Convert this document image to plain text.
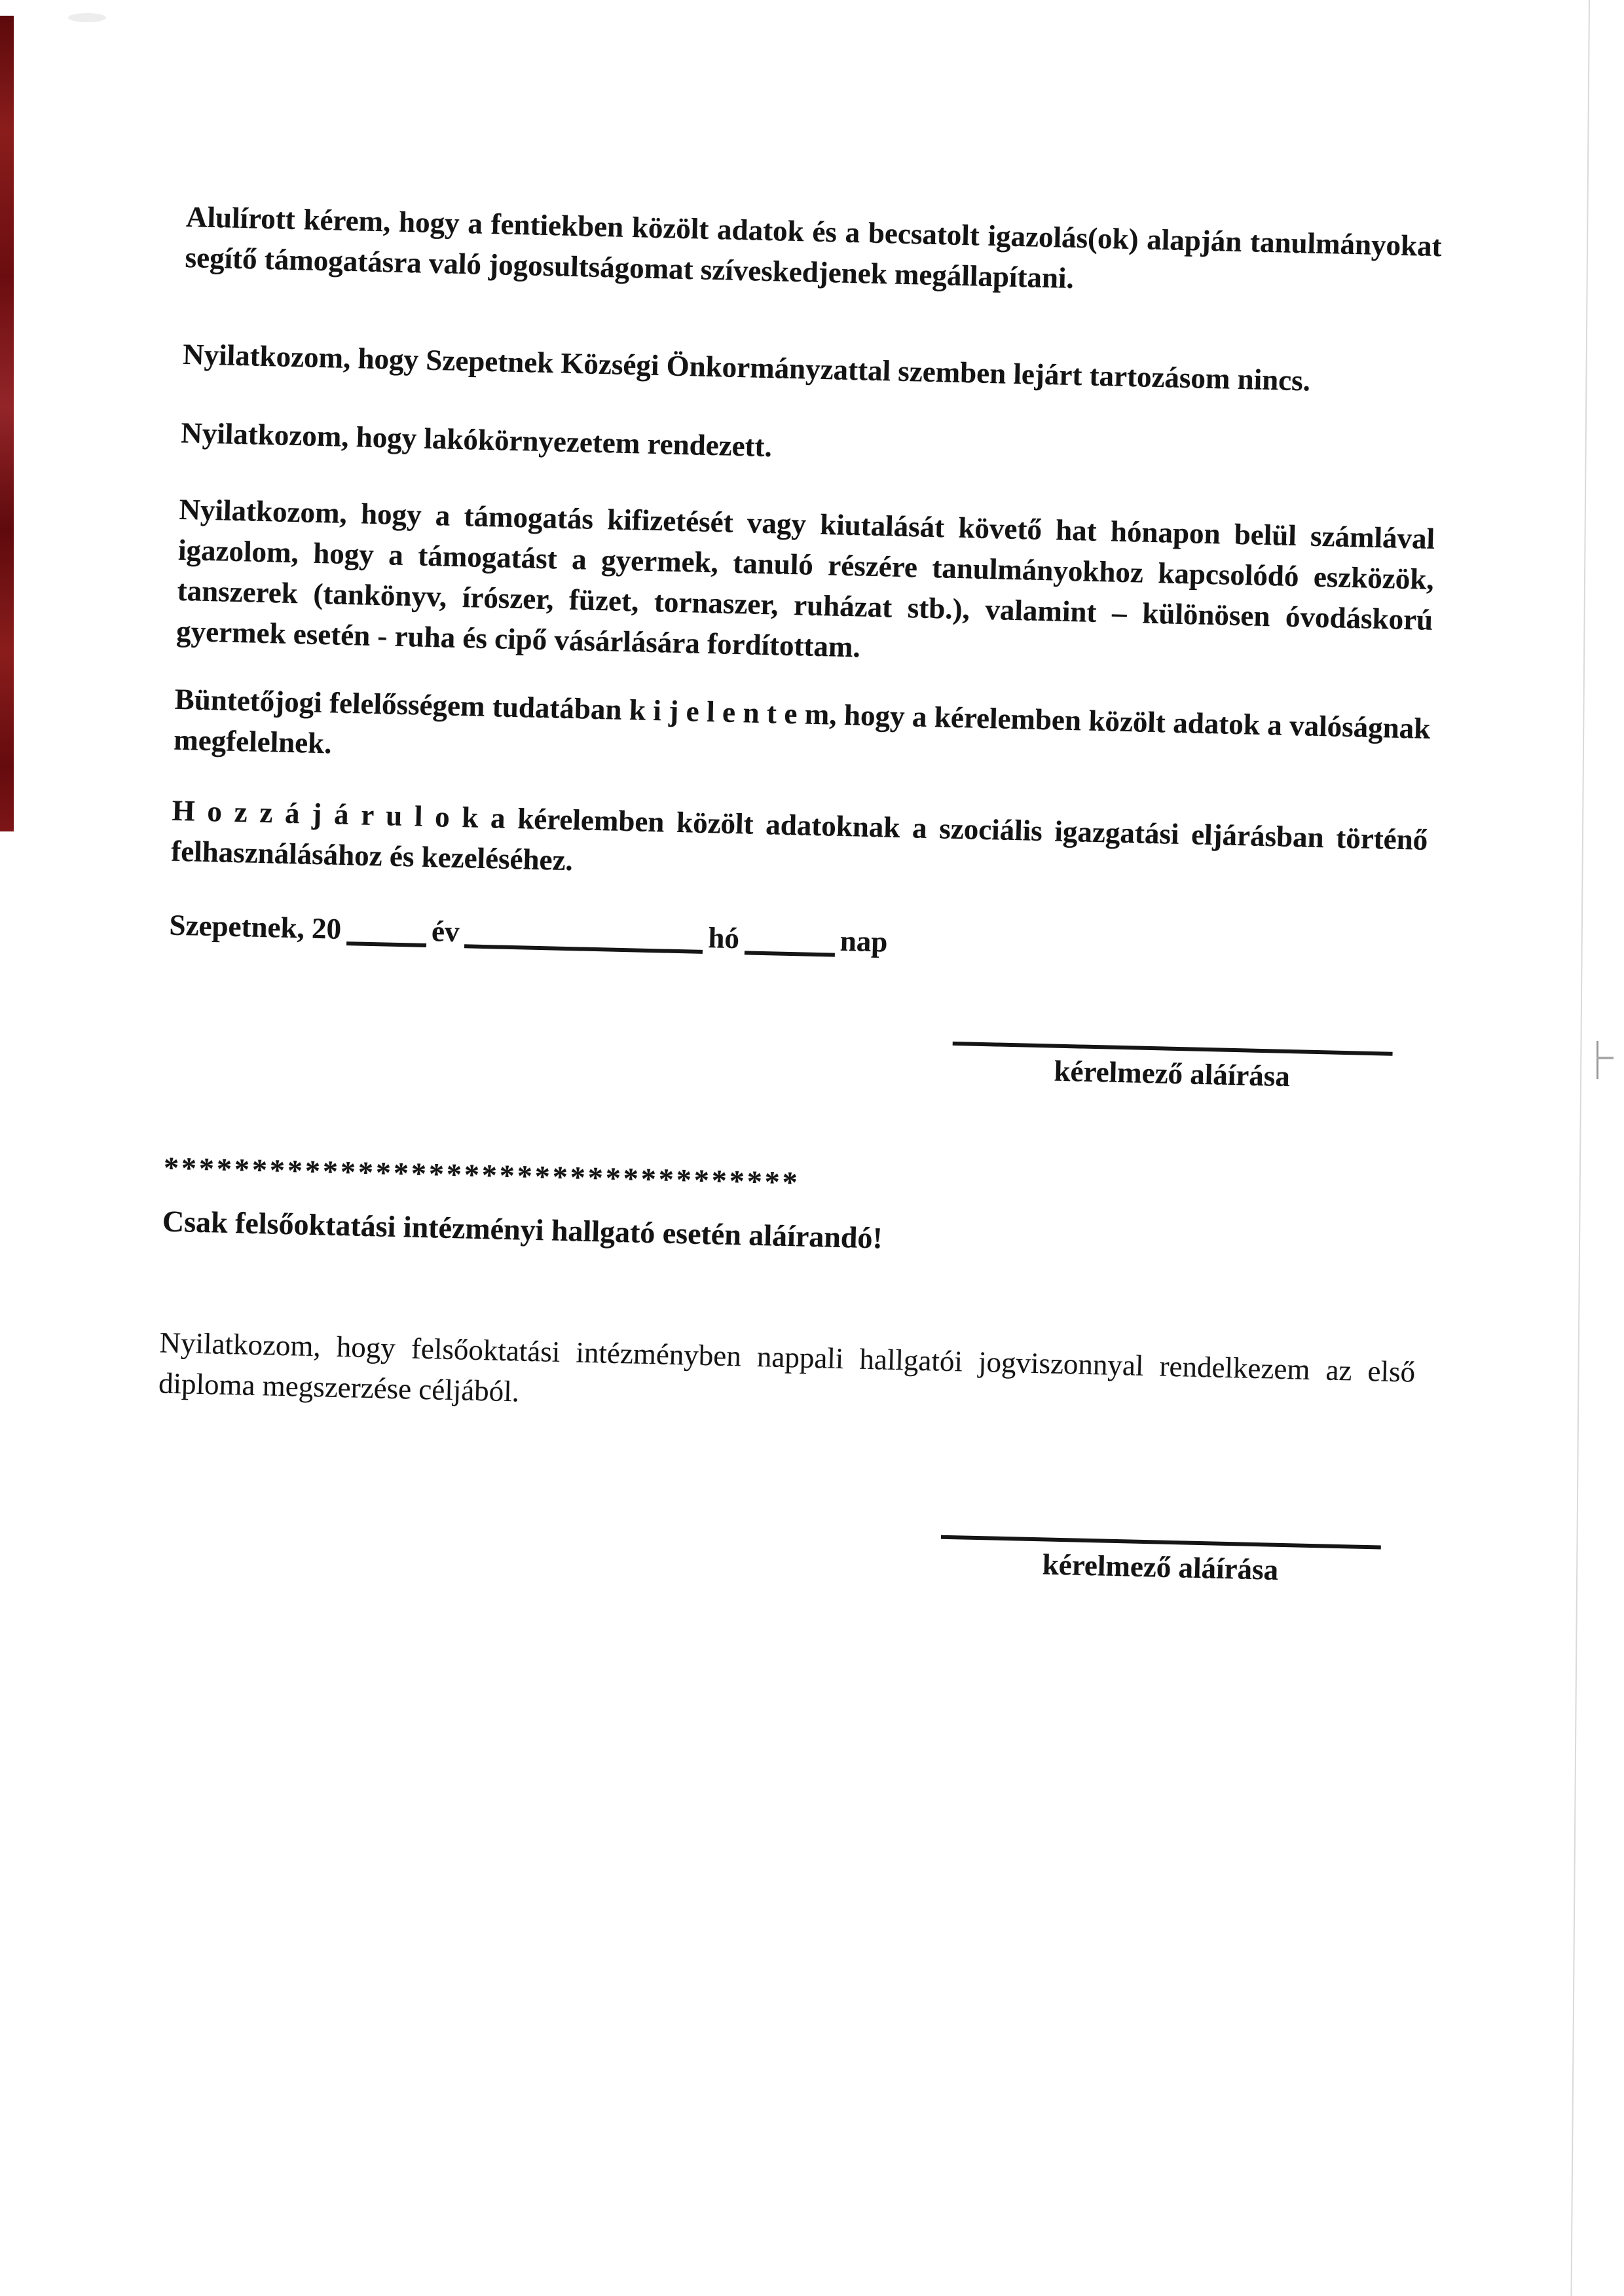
Alulírott kérem, hogy a fentiekben közölt adatok és a becsatolt igazolás(ok) alapján tanulmányokat segítő támogatásra való jogosultságomat szíveskedjenek megállapítani.

Nyilatkozom, hogy Szepetnek Községi Önkormányzattal szemben lejárt tartozásom nincs.

Nyilatkozom, hogy lakókörnyezetem rendezett.

Nyilatkozom, hogy a támogatás kifizetését vagy kiutalását követő hat hónapon belül számlával igazolom, hogy a támogatást a gyermek, tanuló részére tanulmányokhoz kapcsolódó eszközök, tanszerek (tankönyv, írószer, füzet, tornaszer, ruházat stb.), valamint – különösen óvodáskorú gyermek esetén - ruha és cipő vásárlására fordítottam.

Büntetőjogi felelősségem tudatában k i j e l e n t e m, hogy a kérelemben közölt adatok a valóságnak megfelelnek.

H o z z á j á r u l o k a kérelemben közölt adatoknak a szociális igazgatási eljárásban történő felhasználásához és kezeléséhez.

Szepetnek, 20	év	hó	nap
kérelmező aláírása
************************************
Csak felsőoktatási intézményi hallgató esetén aláírandó!

Nyilatkozom, hogy felsőoktatási intézményben nappali hallgatói jogviszonnyal rendelkezem az első diploma megszerzése céljából.

kérelmező aláírása
